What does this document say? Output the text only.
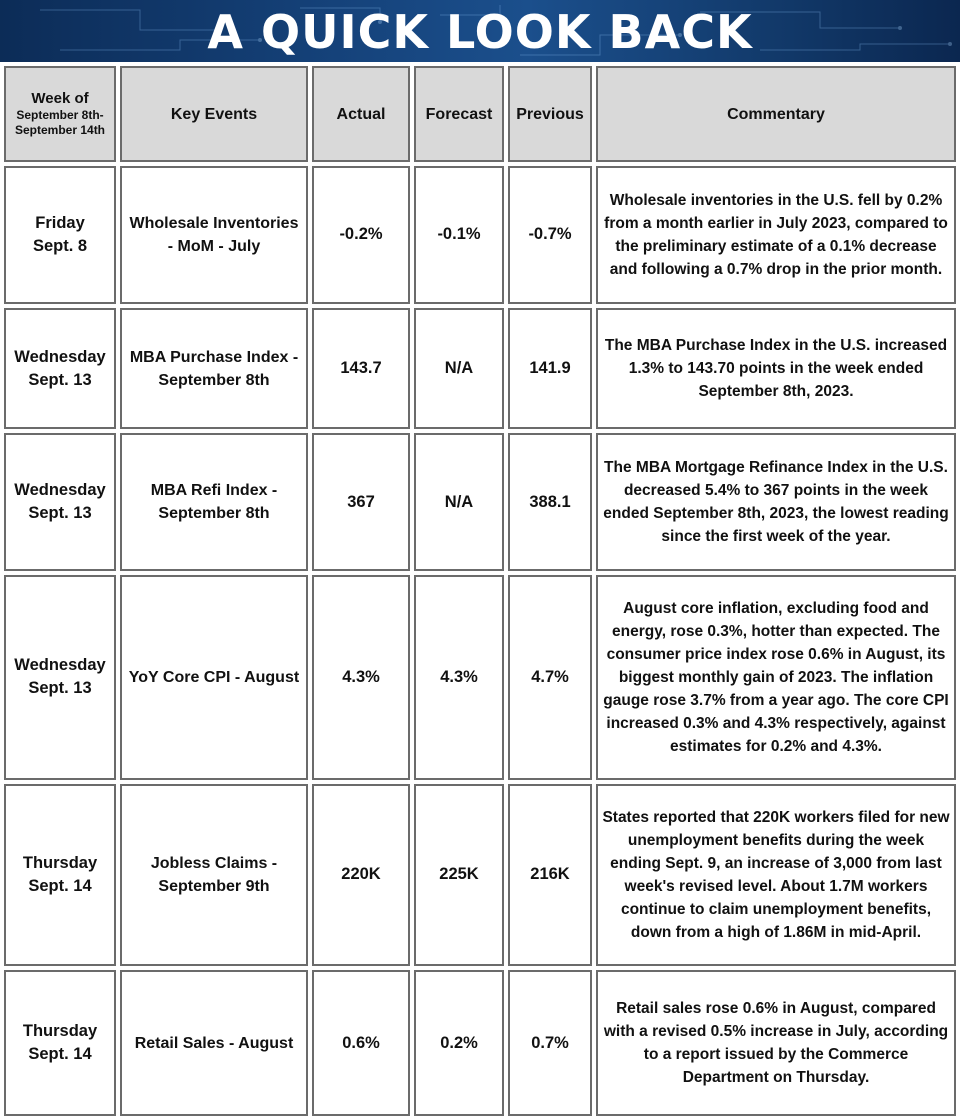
A QUICK LOOK BACK
Week of
September 8th-
September 14th	Key Events	Actual	Forecast	Previous	Commentary
Friday
Sept. 8	Wholesale Inventories - MoM - July	-0.2%	-0.1%	-0.7%	Wholesale inventories in the U.S. fell by 0.2% from a month earlier in July 2023, compared to the preliminary estimate of a 0.1% decrease and following a 0.7% drop in the prior month.
Wednesday
Sept. 13	MBA Purchase Index - September 8th	143.7	N/A	141.9	The MBA Purchase Index in the U.S. increased 1.3% to 143.70 points in the week ended September 8th, 2023.
Wednesday
Sept. 13	MBA Refi Index - September 8th	367	N/A	388.1	The MBA Mortgage Refinance Index in the U.S. decreased 5.4% to 367 points in the week ended September 8th, 2023, the lowest reading since the first week of the year.
Wednesday
Sept. 13	YoY Core CPI - August	4.3%	4.3%	4.7%	August core inflation, excluding food and energy, rose 0.3%, hotter than expected. The consumer price index rose 0.6% in August, its biggest monthly gain of 2023. The inflation gauge rose 3.7% from a year ago. The core CPI increased 0.3% and 4.3% respectively, against estimates for 0.2% and 4.3%.
Thursday
Sept. 14	Jobless Claims - September 9th	220K	225K	216K	States reported that 220K workers filed for new unemployment benefits during the week ending Sept. 9, an increase of 3,000 from last week's revised level. About 1.7M workers continue to claim unemployment benefits, down from a high of 1.86M in mid-April.
Thursday
Sept. 14	Retail Sales - August	0.6%	0.2%	0.7%	Retail sales rose 0.6% in August, compared with a revised 0.5% increase in July, according to a report issued by the Commerce Department on Thursday.
